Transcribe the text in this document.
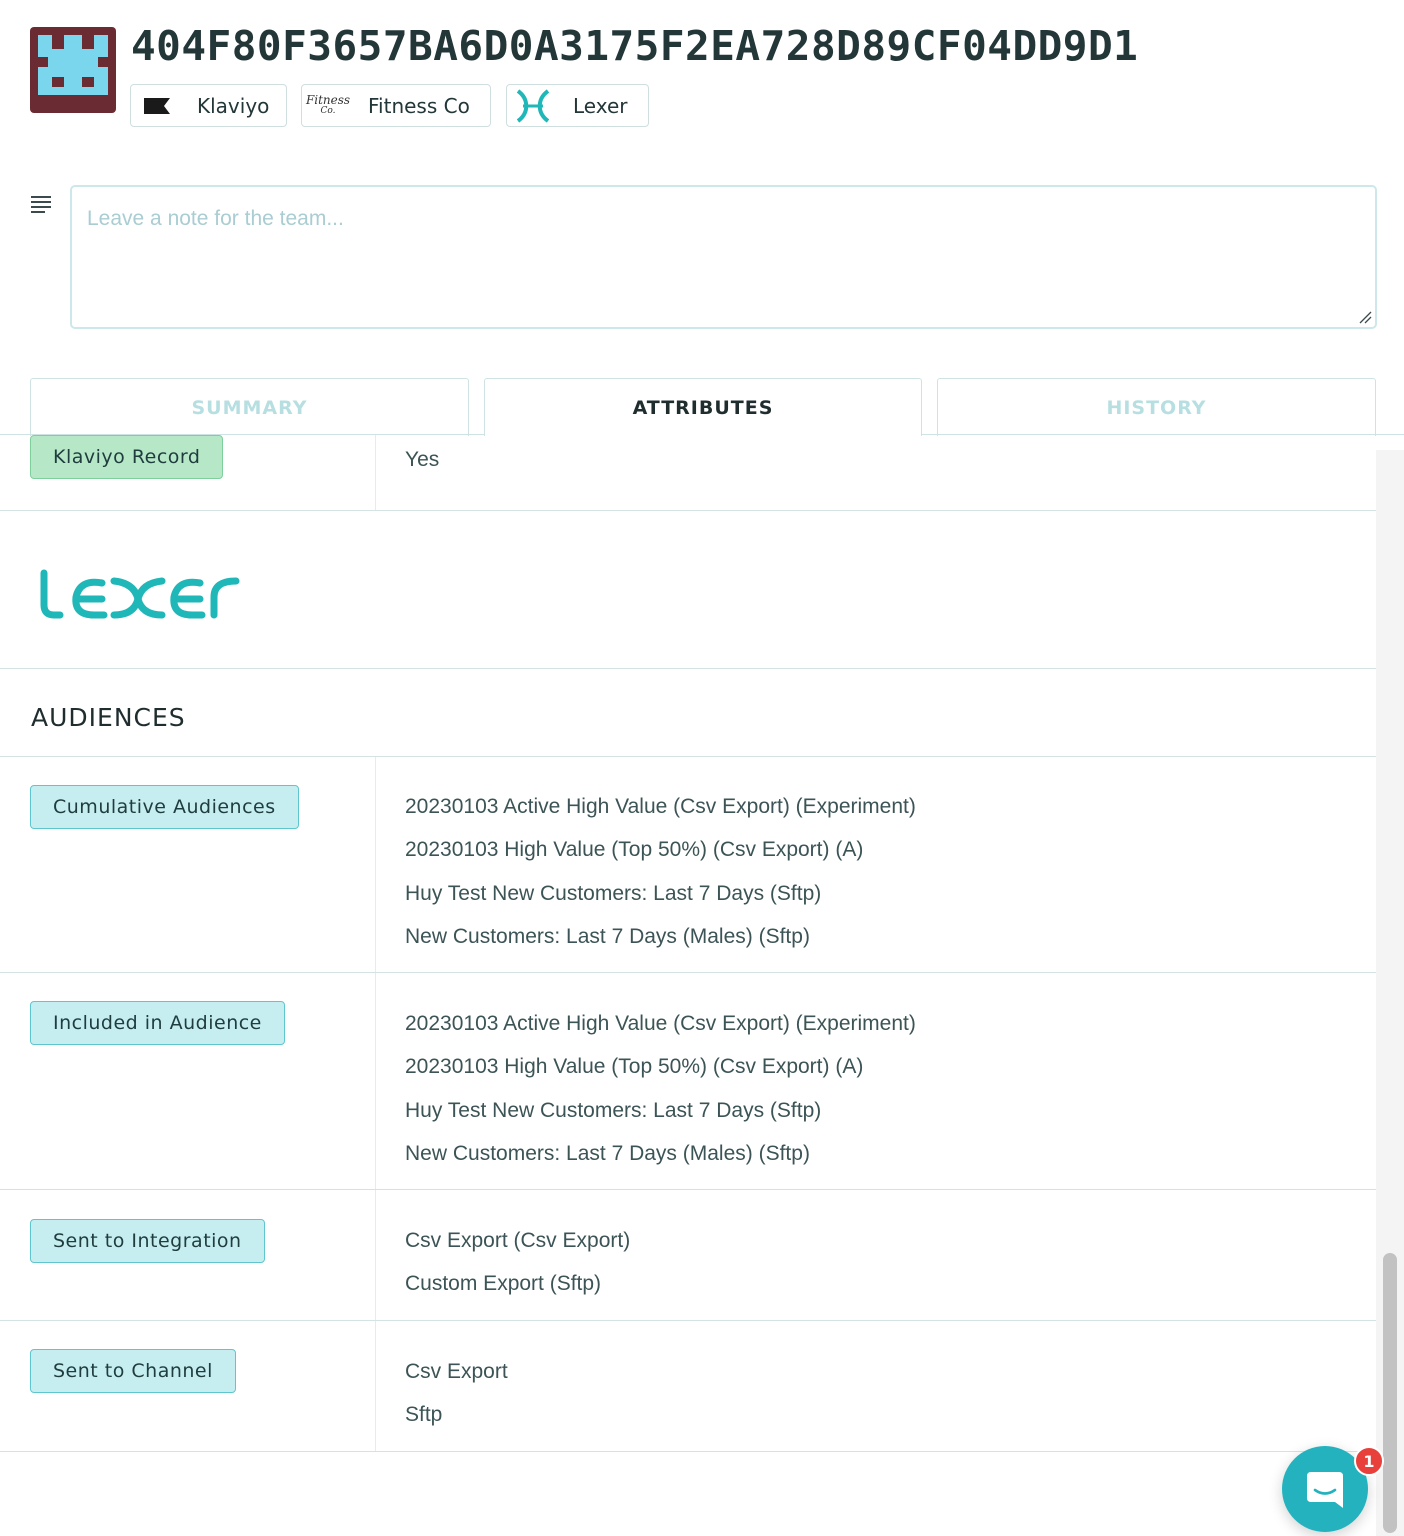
404F80F3657BA6D0A3175F2EA728D89CF04DD9D1
Klaviyo	Fitness
Co. Fitness Co	Lexer
Leave a note for the team...
SUMMARY	ATTRIBUTES	HISTORY
Klaviyo Record	Yes
AUDIENCES
Cumulative Audiences	20230103 Active High Value (Csv Export) (Experiment)
20230103 High Value (Top 50%) (Csv Export) (A)
Huy Test New Customers: Last 7 Days (Sftp)
New Customers: Last 7 Days (Males) (Sftp)
Included in Audience	20230103 Active High Value (Csv Export) (Experiment)
20230103 High Value (Top 50%) (Csv Export) (A)
Huy Test New Customers: Last 7 Days (Sftp)
New Customers: Last 7 Days (Males) (Sftp)
Sent to Integration	Csv Export (Csv Export)
Custom Export (Sftp)
Sent to Channel	Csv Export
Sftp
1
